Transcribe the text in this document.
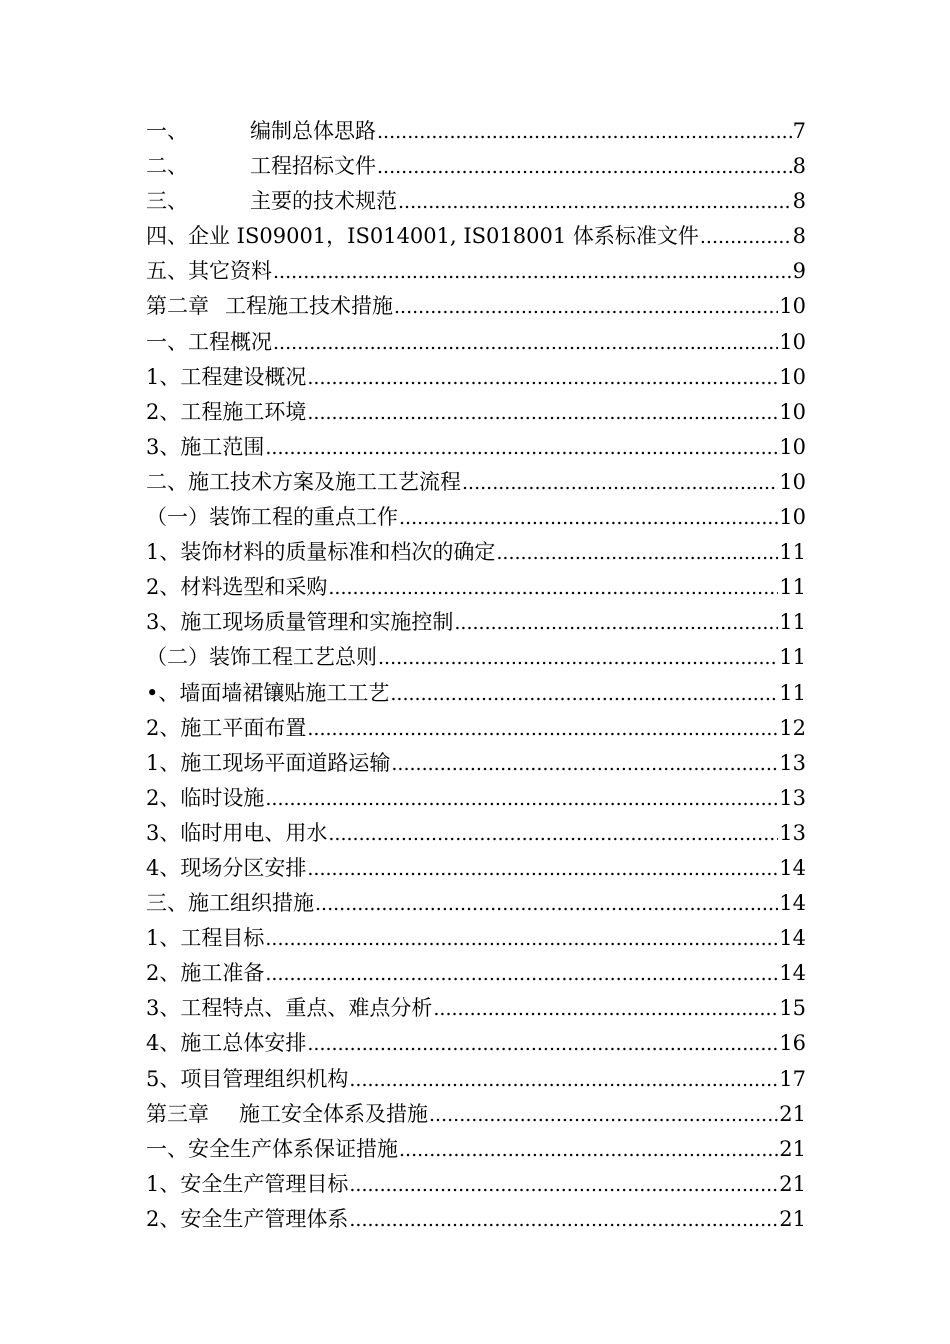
一、	编制总体思路 .....	7
二、	工程招标文件 .....	8
三、	主要的技术规范 .....	8
四、企业 IS09001，IS014001, IS018001 体系标准文件 .....	8
五、其它资料 .....	9
第二章 工程施工技术措施 .....	10
一、工程概况 .....	10
1、工程建设概况 .....	10
2、工程施工环境 .....	10
3、施工范围 .....	10
二、施工技术方案及施工工艺流程 .....	10
（一）装饰工程的重点工作 .....	10
1、装饰材料的质量标准和档次的确定 .....	11
2、材料选型和采购 .....	11
3、施工现场质量管理和实施控制 .....	11
（二）装饰工程工艺总则 .....	11
•、墙面墙裙镶贴施工工艺 .....	11
2、施工平面布置 .....	12
1、施工现场平面道路运输 .....	13
2、临时设施 .....	13
3、临时用电、用水 .....	13
4、现场分区安排 .....	14
三、施工组织措施 .....	14
1、工程目标 .....	14
2、施工准备 .....	14
3、工程特点、重点、难点分析 .....	15
4、施工总体安排 .....	16
5、项目管理组织机构 .....	17
第三章 施工安全体系及措施 .....	21
一、安全生产体系保证措施 .....	21
1、安全生产管理目标 .....	21
2、安全生产管理体系 .....	21
